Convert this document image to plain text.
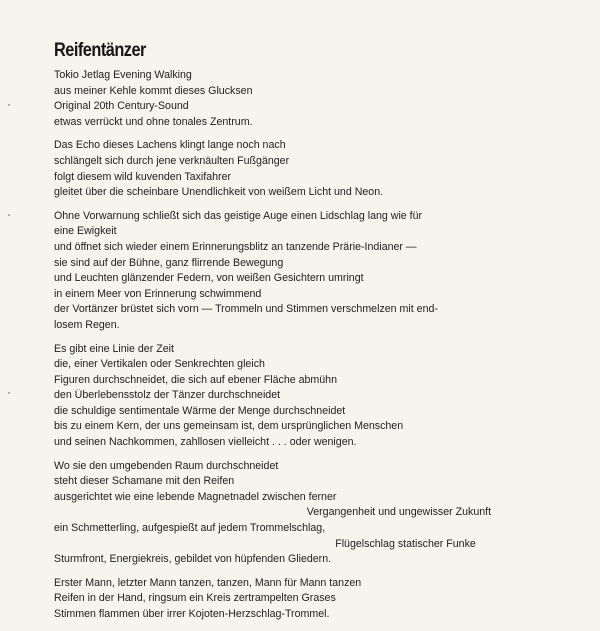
Reifentänzer
Tokio Jetlag Evening Walking
aus meiner Kehle kommt dieses Glucksen
Original 20th Century-Sound
etwas verrückt und ohne tonales Zentrum.
Das Echo dieses Lachens klingt lange noch nach
schlängelt sich durch jene verknäulten Fußgänger
folgt diesem wild kuvenden Taxifahrer
gleitet über die scheinbare Unendlichkeit von weißem Licht und Neon.
Ohne Vorwarnung schließt sich das geistige Auge einen Lidschlag lang wie für
eine Ewigkeit
und öffnet sich wieder einem Erinnerungsblitz an tanzende Prärie-Indianer —
sie sind auf der Bühne, ganz flirrende Bewegung
und Leuchten glänzender Federn, von weißen Gesichtern umringt
in einem Meer von Erinnerung schwimmend
der Vortänzer brüstet sich vorn — Trommeln und Stimmen verschmelzen mit end-
losem Regen.
Es gibt eine Linie der Zeit
die, einer Vertikalen oder Senkrechten gleich
Figuren durchschneidet, die sich auf ebener Fläche abmühn
den Überlebensstolz der Tänzer durchschneidet
die schuldige sentimentale Wärme der Menge durchschneidet
bis zu einem Kern, der uns gemeinsam ist, dem ursprünglichen Menschen
und seinen Nachkommen, zahllosen vielleicht . . . oder wenigen.
Wo sie den umgebenden Raum durchschneidet
steht dieser Schamane mit den Reifen
ausgerichtet wie eine lebende Magnetnadel zwischen ferner
Vergangenheit und ungewisser Zukunft
ein Schmetterling, aufgespießt auf jedem Trommelschlag,
Flügelschlag statischer Funke
Sturmfront, Energiekreis, gebildet von hüpfenden Gliedern.
Erster Mann, letzter Mann tanzen, tanzen, Mann für Mann tanzen
Reifen in der Hand, ringsum ein Kreis zertrampelten Grases
Stimmen flammen über irrer Kojoten-Herzschlag-Trommel.
